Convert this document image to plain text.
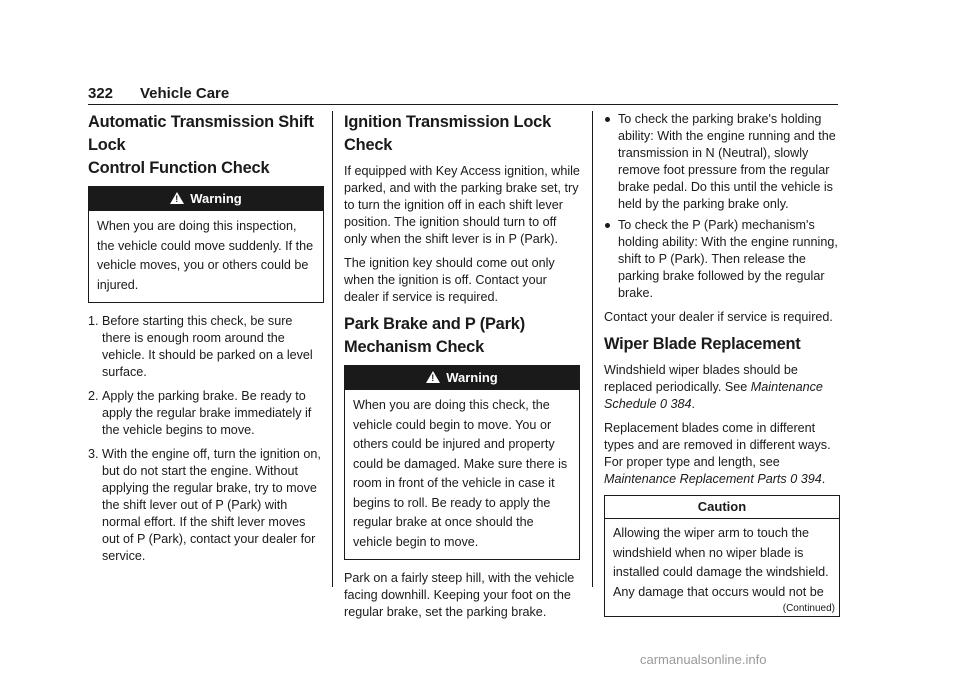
322 Vehicle Care
Automatic Transmission Shift Lock
Control Function Check
! Warning
When you are doing this inspection, the vehicle could move suddenly. If the vehicle moves, you or others could be injured.
1. Before starting this check, be sure there is enough room around the vehicle. It should be parked on a level surface.
2. Apply the parking brake. Be ready to apply the regular brake immediately if the vehicle begins to move.
3. With the engine off, turn the ignition on, but do not start the engine. Without applying the regular brake, try to move the shift lever out of P (Park) with normal effort. If the shift lever moves out of P (Park), contact your dealer for service.
Ignition Transmission Lock Check

If equipped with Key Access ignition, while parked, and with the parking brake set, try to turn the ignition off in each shift lever position. The ignition should turn to off only when the shift lever is in P (Park).

The ignition key should come out only when the ignition is off. Contact your dealer if service is required.

Park Brake and P (Park)
Mechanism Check
! Warning
When you are doing this check, the vehicle could begin to move. You or others could be injured and property could be damaged. Make sure there is room in front of the vehicle in case it begins to roll. Be ready to apply the regular brake at once should the vehicle begin to move.

Park on a fairly steep hill, with the vehicle facing downhill. Keeping your foot on the regular brake, set the parking brake.

To check the parking brake's holding ability: With the engine running and the transmission in N (Neutral), slowly remove foot pressure from the regular brake pedal. Do this until the vehicle is held by the parking brake only.
To check the P (Park) mechanism's holding ability: With the engine running, shift to P (Park). Then release the parking brake followed by the regular brake.

Contact your dealer if service is required.

Wiper Blade Replacement

Windshield wiper blades should be replaced periodically. See Maintenance Schedule 0 384.

Replacement blades come in different types and are removed in different ways. For proper type and length, see Maintenance Replacement Parts 0 394.

Caution
Allowing the wiper arm to touch the windshield when no wiper blade is installed could damage the windshield. Any damage that occurs would not be
(Continued)
carmanualsonline.info
